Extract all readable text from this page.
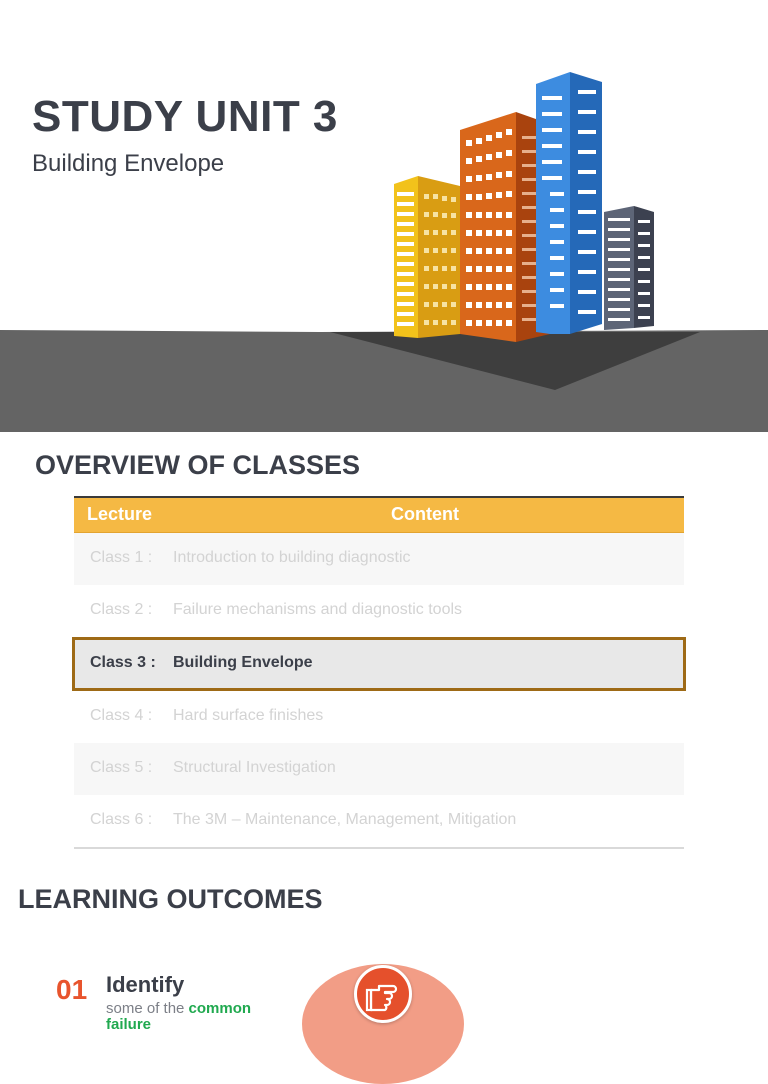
STUDY UNIT 3
Building Envelope
OVERVIEW OF CLASSES
Lecture	Content
Class 1 : Introduction to building diagnostic
Class 2 : Failure mechanisms and diagnostic tools
Class 3 : Building Envelope
Class 4 : Hard surface finishes
Class 5 : Structural Investigation
Class 6 : The 3M – Maintenance, Management, Mitigation
LEARNING OUTCOMES
01 Identify
some of the common
failure
